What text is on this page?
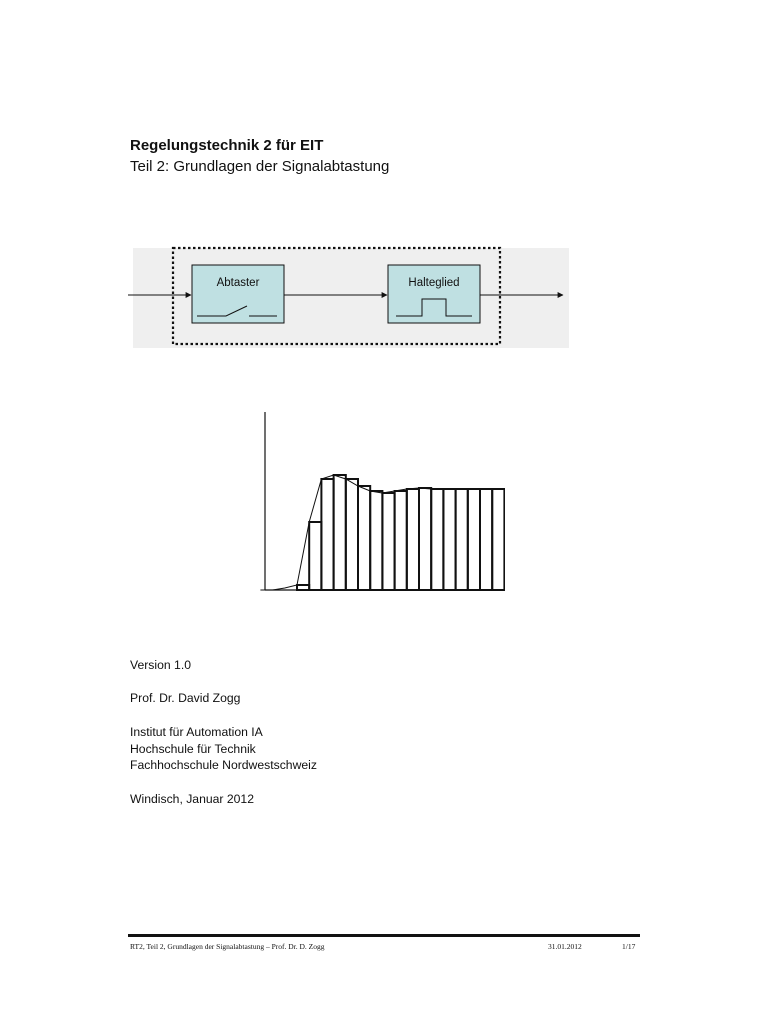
Regelungstechnik 2 für EIT
Teil 2: Grundlagen der Signalabtastung
Abtaster	Halteglied
Version 1.0
Prof. Dr. David Zogg
Institut für Automation IA
Hochschule für Technik
Fachhochschule Nordwestschweiz
Windisch, Januar 2012
RT2, Teil 2, Grundlagen der Signalabtastung – Prof. Dr. D. Zogg	31.01.2012	1/17
